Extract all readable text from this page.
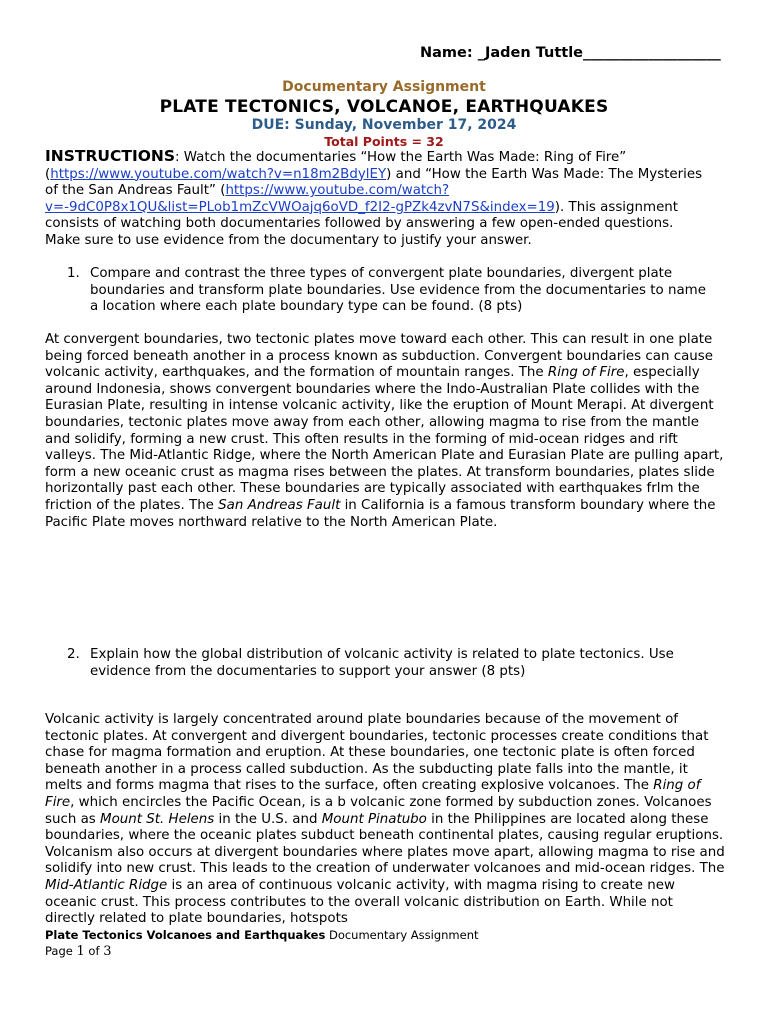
Name: _Jaden Tuttle___________________
Documentary Assignment
PLATE TECTONICS, VOLCANOE, EARTHQUAKES
DUE: Sunday, November 17, 2024
Total Points = 32
INSTRUCTIONS: Watch the documentaries “How the Earth Was Made: Ring of Fire” (https://www.youtube.com/watch?v=n18m2BdylEY) and “How the Earth Was Made: The Mysteries of the San Andreas Fault” (https://www.youtube.com/watch?v=-9dC0P8x1QU&list=PLob1mZcVWOajq6oVD_f2I2-gPZk4zvN7S&index=19). This assignment consists of watching both documentaries followed by answering a few open-ended questions. Make sure to use evidence from the documentary to justify your answer.
1. Compare and contrast the three types of convergent plate boundaries, divergent plate boundaries and transform plate boundaries. Use evidence from the documentaries to name a location where each plate boundary type can be found. (8 pts)

At convergent boundaries, two tectonic plates move toward each other. This can result in one plate being forced beneath another in a process known as subduction. Convergent boundaries can cause volcanic activity, earthquakes, and the formation of mountain ranges. The Ring of Fire, especially around Indonesia, shows convergent boundaries where the Indo-Australian Plate collides with the Eurasian Plate, resulting in intense volcanic activity, like the eruption of Mount Merapi. At divergent boundaries, tectonic plates move away from each other, allowing magma to rise from the mantle and solidify, forming a new crust. This often results in the forming of mid-ocean ridges and rift valleys. The Mid-Atlantic Ridge, where the North American Plate and Eurasian Plate are pulling apart, form a new oceanic crust as magma rises between the plates. At transform boundaries, plates slide horizontally past each other. These boundaries are typically associated with earthquakes frlm the friction of the plates. The San Andreas Fault in California is a famous transform boundary where the Pacific Plate moves northward relative to the North American Plate.

2. Explain how the global distribution of volcanic activity is related to plate tectonics. Use evidence from the documentaries to support your answer (8 pts)

Volcanic activity is largely concentrated around plate boundaries because of the movement of tectonic plates. At convergent and divergent boundaries, tectonic processes create conditions that chase for magma formation and eruption. At these boundaries, one tectonic plate is often forced beneath another in a process called subduction. As the subducting plate falls into the mantle, it melts and forms magma that rises to the surface, often creating explosive volcanoes. The Ring of Fire, which encircles the Pacific Ocean, is a b volcanic zone formed by subduction zones. Volcanoes such as Mount St. Helens in the U.S. and Mount Pinatubo in the Philippines are located along these boundaries, where the oceanic plates subduct beneath continental plates, causing regular eruptions. Volcanism also occurs at divergent boundaries where plates move apart, allowing magma to rise and solidify into new crust. This leads to the creation of underwater volcanoes and mid-ocean ridges. The Mid-Atlantic Ridge is an area of continuous volcanic activity, with magma rising to create new oceanic crust. This process contributes to the overall volcanic distribution on Earth. While not directly related to plate boundaries, hotspots

Plate Tectonics Volcanoes and Earthquakes Documentary Assignment
Page 1 of 3
